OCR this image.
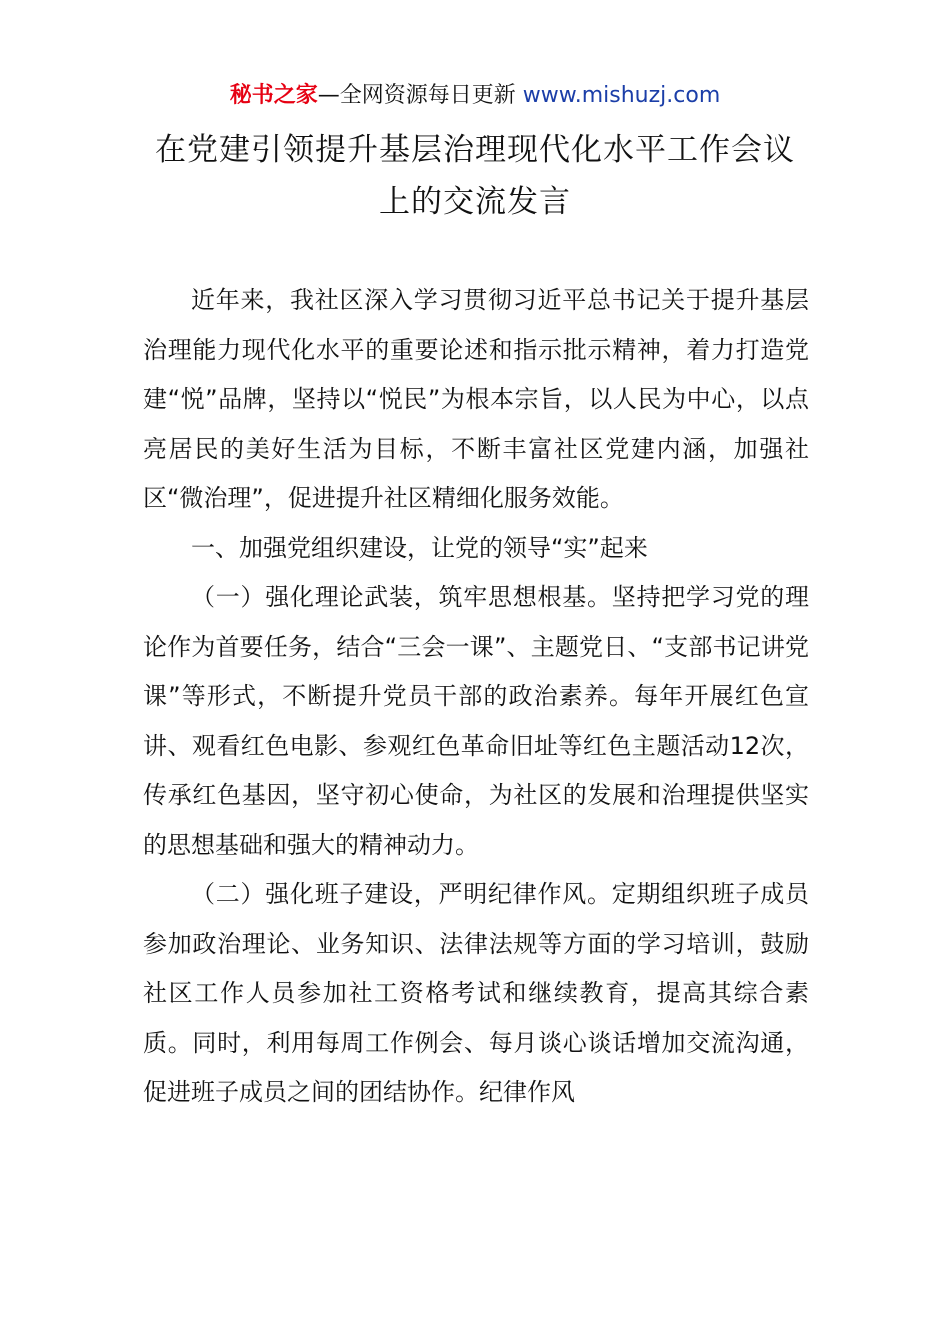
秘书之家—全网资源每日更新 www.mishuzj.com
在党建引领提升基层治理现代化水平工作会议
上的交流发言

近年来，我社区深入学习贯彻习近平总书记关于提升基层治理能力现代化水平的重要论述和指示批示精神，着力打造党建“悦”品牌，坚持以“悦民”为根本宗旨，以人民为中心，以点亮居民的美好生活为目标，不断丰富社区党建内涵，加强社区“微治理”，促进提升社区精细化服务效能。

一、加强党组织建设，让党的领导“实”起来

（一）强化理论武装，筑牢思想根基。坚持把学习党的理论作为首要任务，结合“三会一课”、主题党日、“支部书记讲党课”等形式，不断提升党员干部的政治素养。每年开展红色宣讲、观看红色电影、参观红色革命旧址等红色主题活动12次，传承红色基因，坚守初心使命，为社区的发展和治理提供坚实的思想基础和强大的精神动力。

（二）强化班子建设，严明纪律作风。定期组织班子成员参加政治理论、业务知识、法律法规等方面的学习培训，鼓励社区工作人员参加社工资格考试和继续教育，提高其综合素质。同时，利用每周工作例会、每月谈心谈话增加交流沟通，促进班子成员之间的团结协作。纪律作风
